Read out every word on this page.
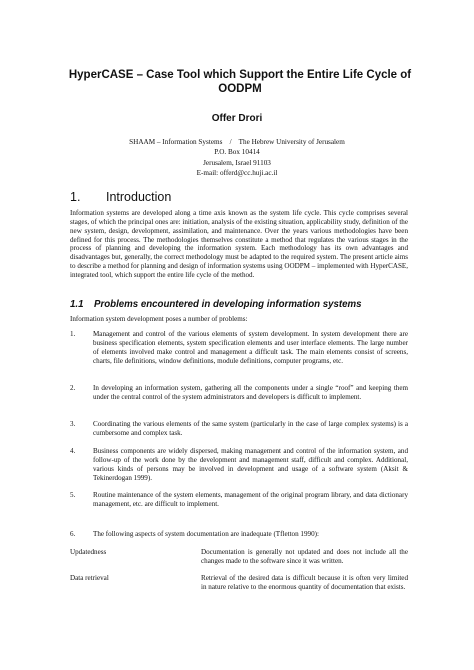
HyperCASE – Case Tool which Support the Entire Life Cycle of OODPM
Offer Drori
SHAAM – Information Systems    /    The Hebrew University of Jerusalem
P.O. Box 10414
Jerusalem, Israel 91103
E-mail: offerd@cc.huji.ac.il
1. Introduction
Information systems are developed along a time axis known as the system life cycle. This cycle comprises several stages, of which the principal ones are: initiation, analysis of the existing situation, applicability study, definition of the new system, design, development, assimilation, and maintenance. Over the years various methodologies have been defined for this process. The methodologies themselves constitute a method that regulates the various stages in the process of planning and developing the information system. Each methodology has its own advantages and disadvantages but, generally, the correct methodology must be adapted to the required system. The present article aims to describe a method for planning and design of information systems using OODPM – implemented with HyperCASE, integrated tool, which support the entire life cycle of the method.
1.1 Problems encountered in developing information systems
Information system development poses a number of problems:
1. Management and control of the various elements of system development. In system development there are business specification elements, system specification elements and user interface elements. The large number of elements involved make control and management a difficult task. The main elements consist of screens, charts, file definitions, window definitions, module definitions, computer programs, etc.
2. In developing an information system, gathering all the components under a single “roof” and keeping them under the central control of the system administrators and developers is difficult to implement.
3. Coordinating the various elements of the same system (particularly in the case of large complex systems) is a cumbersome and complex task.
4. Business components are widely dispersed, making management and control of the information system, and follow-up of the work done by the development and management staff, difficult and complex. Additional, various kinds of persons may be involved in development and usage of a software system (Aksit & Tekinerdogan 1999).
5. Routine maintenance of the system elements, management of the original program library, and data dictionary management, etc. are difficult to implement.
6. The following aspects of system documentation are inadequate (Tfletton 1990):
Updatedness	Documentation is generally not updated and does not include all the changes made to the software since it was written.
Data retrieval	Retrieval of the desired data is difficult because it is often very limited in nature relative to the enormous quantity of documentation that exists.
